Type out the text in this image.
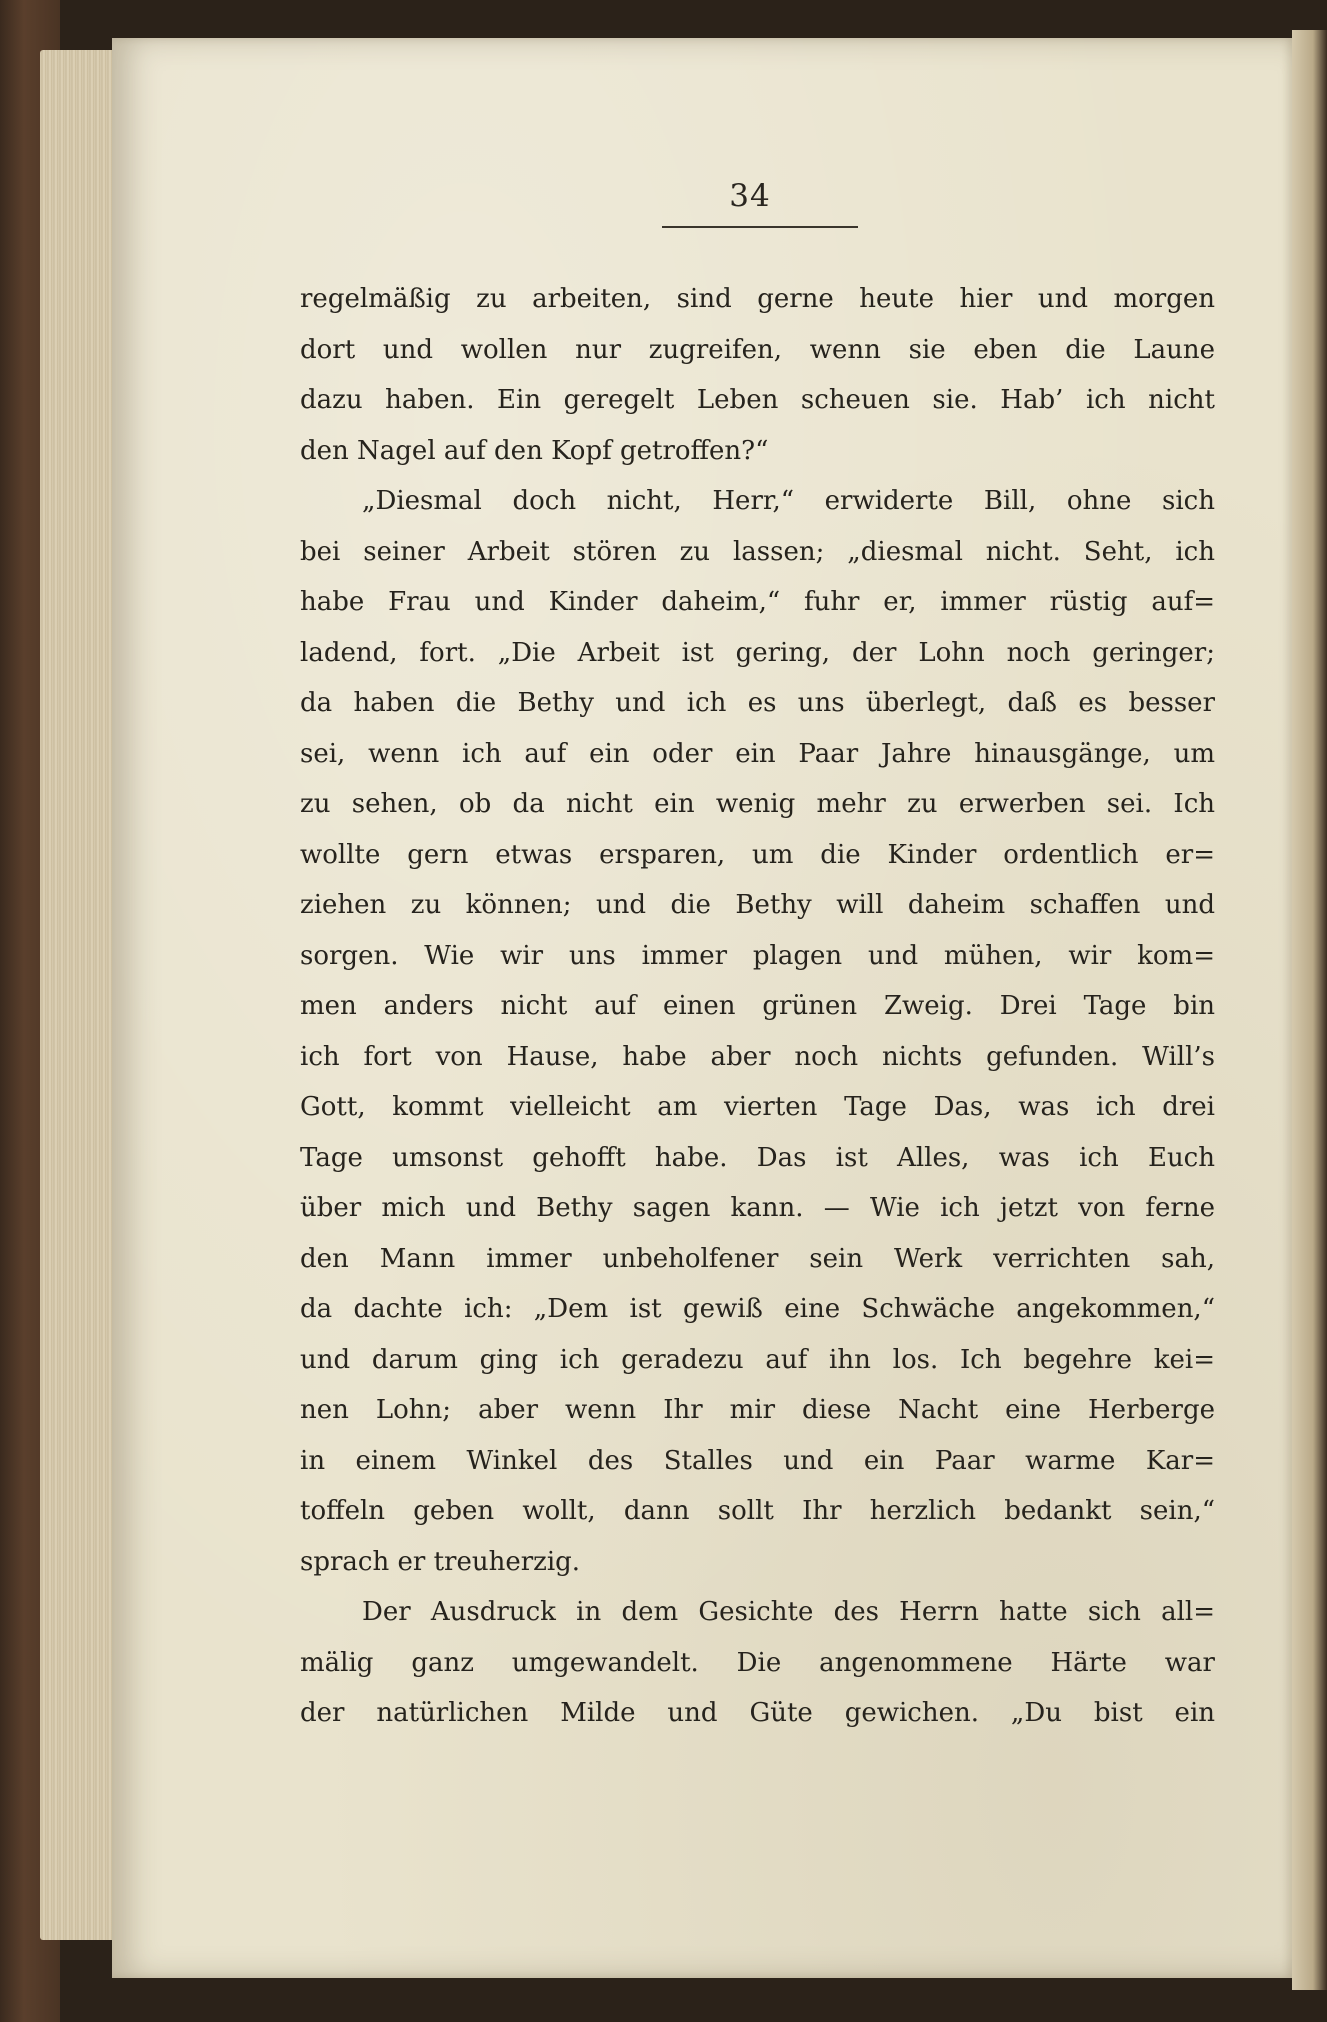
34
regelmäßig zu arbeiten, sind gerne heute hier und morgen
dort und wollen nur zugreifen, wenn sie eben die Laune
dazu haben. Ein geregelt Leben scheuen sie. Hab’ ich nicht
den Nagel auf den Kopf getroffen?“
„Diesmal doch nicht, Herr,“ erwiderte Bill, ohne sich
bei seiner Arbeit stören zu lassen; „diesmal nicht. Seht, ich
habe Frau und Kinder daheim,“ fuhr er, immer rüstig auf=
ladend, fort. „Die Arbeit ist gering, der Lohn noch geringer;
da haben die Bethy und ich es uns überlegt, daß es besser
sei, wenn ich auf ein oder ein Paar Jahre hinausgänge, um
zu sehen, ob da nicht ein wenig mehr zu erwerben sei. Ich
wollte gern etwas ersparen, um die Kinder ordentlich er=
ziehen zu können; und die Bethy will daheim schaffen und
sorgen. Wie wir uns immer plagen und mühen, wir kom=
men anders nicht auf einen grünen Zweig. Drei Tage bin
ich fort von Hause, habe aber noch nichts gefunden. Will’s
Gott, kommt vielleicht am vierten Tage Das, was ich drei
Tage umsonst gehofft habe. Das ist Alles, was ich Euch
über mich und Bethy sagen kann. — Wie ich jetzt von ferne
den Mann immer unbeholfener sein Werk verrichten sah,
da dachte ich: „Dem ist gewiß eine Schwäche angekommen,“
und darum ging ich geradezu auf ihn los. Ich begehre kei=
nen Lohn; aber wenn Ihr mir diese Nacht eine Herberge
in einem Winkel des Stalles und ein Paar warme Kar=
toffeln geben wollt, dann sollt Ihr herzlich bedankt sein,“
sprach er treuherzig.
Der Ausdruck in dem Gesichte des Herrn hatte sich all=
mälig ganz umgewandelt. Die angenommene Härte war
der natürlichen Milde und Güte gewichen. „Du bist ein
